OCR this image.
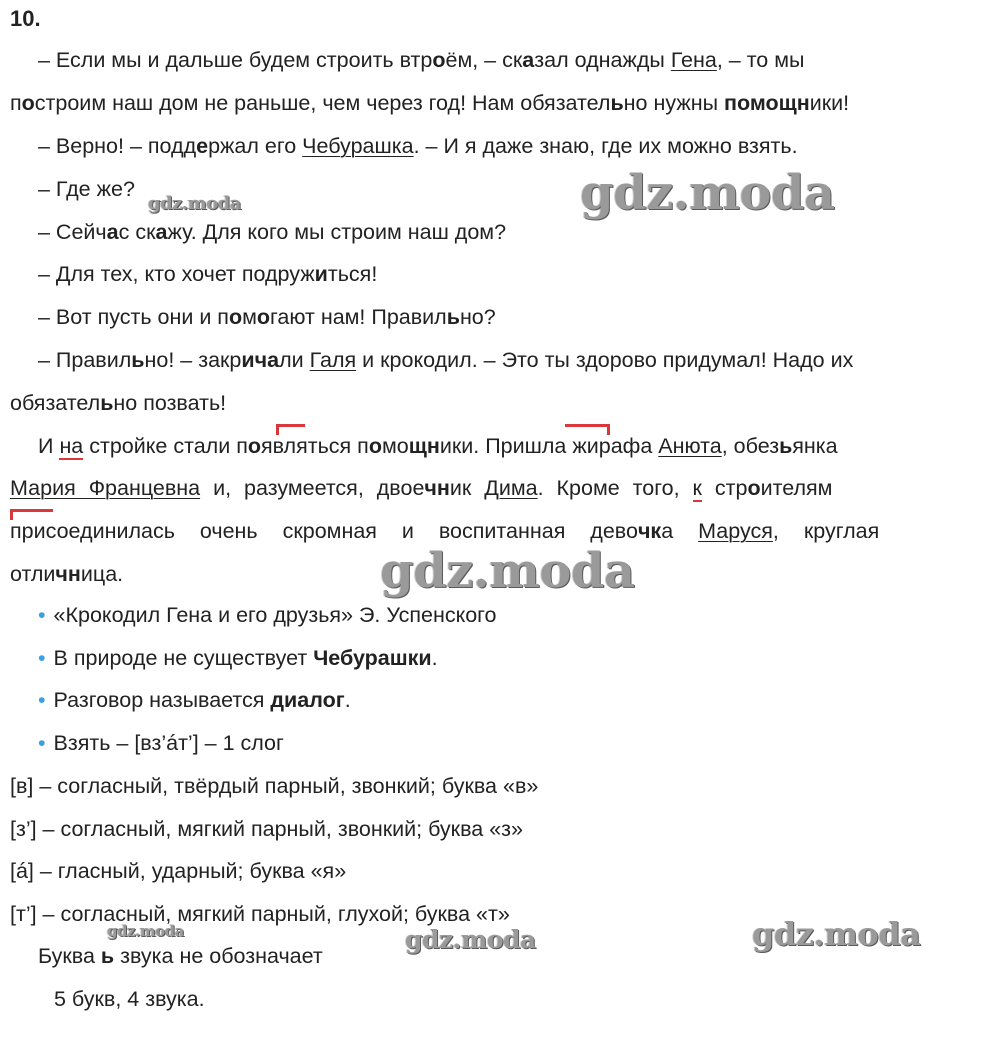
10.
– Если мы и дальше будем строить втроём, – сказал однажды Гена, – то мы
построим наш дом не раньше, чем через год! Нам обязательно нужны помощники!
– Верно! – поддержал его Чебурашка. – И я даже знаю, где их можно взять.
– Где же?
– Сейчас скажу. Для кого мы строим наш дом?
– Для тех, кто хочет подружиться!
– Вот пусть они и помогают нам! Правильно?
– Правильно! – закричали Галя и крокодил. – Это ты здорово придумал! Надо их
обязательно позвать!
И на стройке стали появляться помощники. Пришла жирафа Анюта, обезьянка
Мария Францевна и, разумеется, двоечник Дима. Кроме того, к строителям
присоединилась очень скромная и воспитанная девочка Маруся, круглая
отличница.
• «Крокодил Гена и его друзья» Э. Успенского
• В природе не существует Чебурашки.
• Разговор называется диалог.
• Взять – [вз’áт’] – 1 слог
[в] – согласный, твёрдый парный, звонкий; буква «в»
[з’] – согласный, мягкий парный, звонкий; буква «з»
[á] – гласный, ударный; буква «я»
[т’] – согласный, мягкий парный, глухой; буква «т»
Буква ь звука не обозначает
5 букв, 4 звука.
gdz.moda	gdz.moda
gdz.moda
gdz.moda	gdz.moda	gdz.moda
